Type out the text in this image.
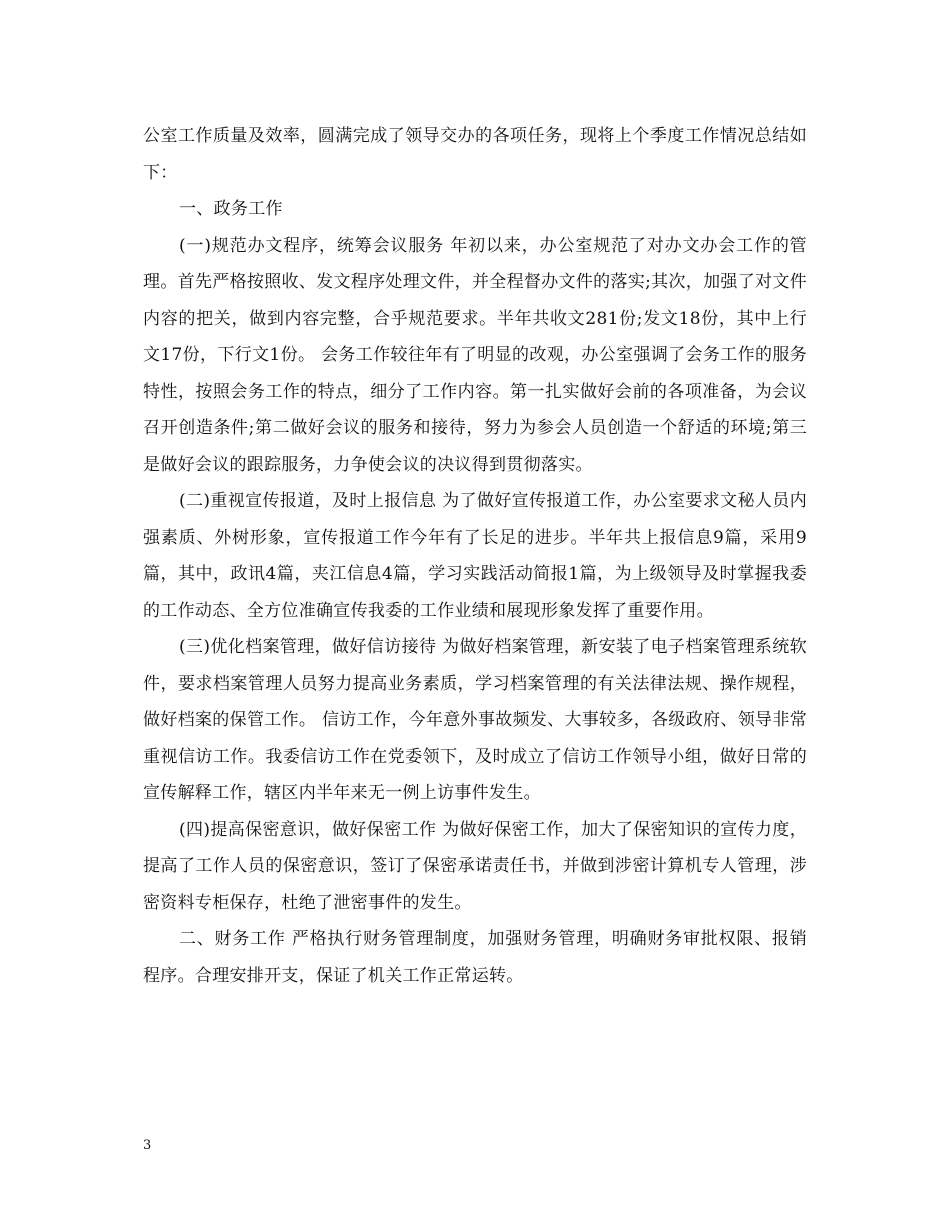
公室工作质量及效率，圆满完成了领导交办的各项任务，现将上个季度工作情况总结如下：

一、政务工作

(一)规范办文程序，统筹会议服务 年初以来，办公室规范了对办文办会工作的管理。首先严格按照收、发文程序处理文件，并全程督办文件的落实;其次，加强了对文件内容的把关，做到内容完整，合乎规范要求。半年共收文281份;发文18份，其中上行文17份，下行文1份。 会务工作较往年有了明显的改观，办公室强调了会务工作的服务特性，按照会务工作的特点，细分了工作内容。第一扎实做好会前的各项准备，为会议召开创造条件;第二做好会议的服务和接待，努力为参会人员创造一个舒适的环境;第三是做好会议的跟踪服务，力争使会议的决议得到贯彻落实。

(二)重视宣传报道，及时上报信息 为了做好宣传报道工作，办公室要求文秘人员内强素质、外树形象，宣传报道工作今年有了长足的进步。半年共上报信息9篇，采用9篇，其中，政讯4篇，夹江信息4篇，学习实践活动简报1篇，为上级领导及时掌握我委的工作动态、全方位准确宣传我委的工作业绩和展现形象发挥了重要作用。

(三)优化档案管理，做好信访接待 为做好档案管理，新安装了电子档案管理系统软件，要求档案管理人员努力提高业务素质，学习档案管理的有关法律法规、操作规程，做好档案的保管工作。 信访工作，今年意外事故频发、大事较多，各级政府、领导非常重视信访工作。我委信访工作在党委领下，及时成立了信访工作领导小组，做好日常的宣传解释工作，辖区内半年来无一例上访事件发生。

(四)提高保密意识，做好保密工作 为做好保密工作，加大了保密知识的宣传力度，提高了工作人员的保密意识，签订了保密承诺责任书，并做到涉密计算机专人管理，涉密资料专柜保存，杜绝了泄密事件的发生。

二、财务工作 严格执行财务管理制度，加强财务管理，明确财务审批权限、报销程序。合理安排开支，保证了机关工作正常运转。

3
